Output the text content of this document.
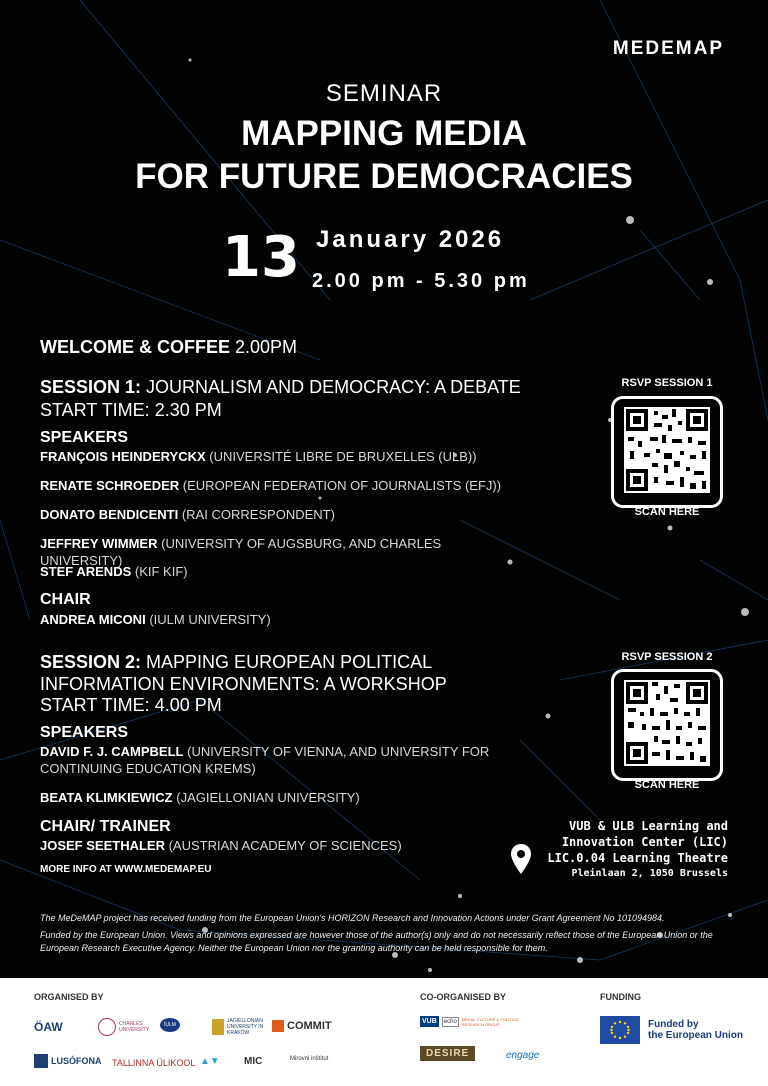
MEDEMAP
SEMINAR
MAPPING MEDIA
FOR FUTURE DEMOCRACIES
13 January 2026
2.00 pm - 5.30 pm
WELCOME & COFFEE 2.00PM
SESSION 1: JOURNALISM AND DEMOCRACY: A DEBATE
START TIME: 2.30 PM
SPEAKERS
FRANÇOIS HEINDERYCKX (UNIVERSITÉ LIBRE DE BRUXELLES (ULB))
RENATE SCHROEDER (EUROPEAN FEDERATION OF JOURNALISTS (EFJ))
DONATO BENDICENTI (RAI CORRESPONDENT)
JEFFREY WIMMER (UNIVERSITY OF AUGSBURG, AND CHARLES UNIVERSITY)
STEF ARENDS (KIF KIF)
CHAIR
ANDREA MICONI (IULM UNIVERSITY)
RSVP SESSION 1
SCAN HERE
SESSION 2: MAPPING EUROPEAN POLITICAL
INFORMATION ENVIRONMENTS: A WORKSHOP
START TIME: 4.00 PM
SPEAKERS
DAVID F. J. CAMPBELL (UNIVERSITY OF VIENNA, AND UNIVERSITY FOR CONTINUING EDUCATION KREMS)
BEATA KLIMKIEWICZ (JAGIELLONIAN UNIVERSITY)
CHAIR/ TRAINER
JOSEF SEETHALER (AUSTRIAN ACADEMY OF SCIENCES)
RSVP SESSION 2
SCAN HERE
VUB & ULB Learning and
Innovation Center (LIC)
LIC.0.04 Learning Theatre
Pleinlaan 2, 1050 Brussels
MORE INFO AT WWW.MEDEMAP.EU
The MeDeMAP project has received funding from the European Union's HORIZON Research and Innovation Actions under Grant Agreement No 101094984.
Funded by the European Union. Views and opinions expressed are however those of the author(s) only and do not necessarily reflect those of the European Union or the European Research Executive Agency. Neither the European Union nor the granting authority can be held responsible for them.
ORGANISED BY	CO-ORGANISED BY	FUNDING
ÖAW	CHARLES UNIVERSITY
IULM
JAGIELLONIAN UNIVERSITY IN KRAKÓW
COMMIT
LUSÓFONA TALLINNA ÜLIKOOL ▲▼ MIC	Mirovni inštitut
VUB	echo	MEDIA, CULTURE & POLITICS RESEARCH GROUP
DESIRE	engage
Funded by
the European Union
